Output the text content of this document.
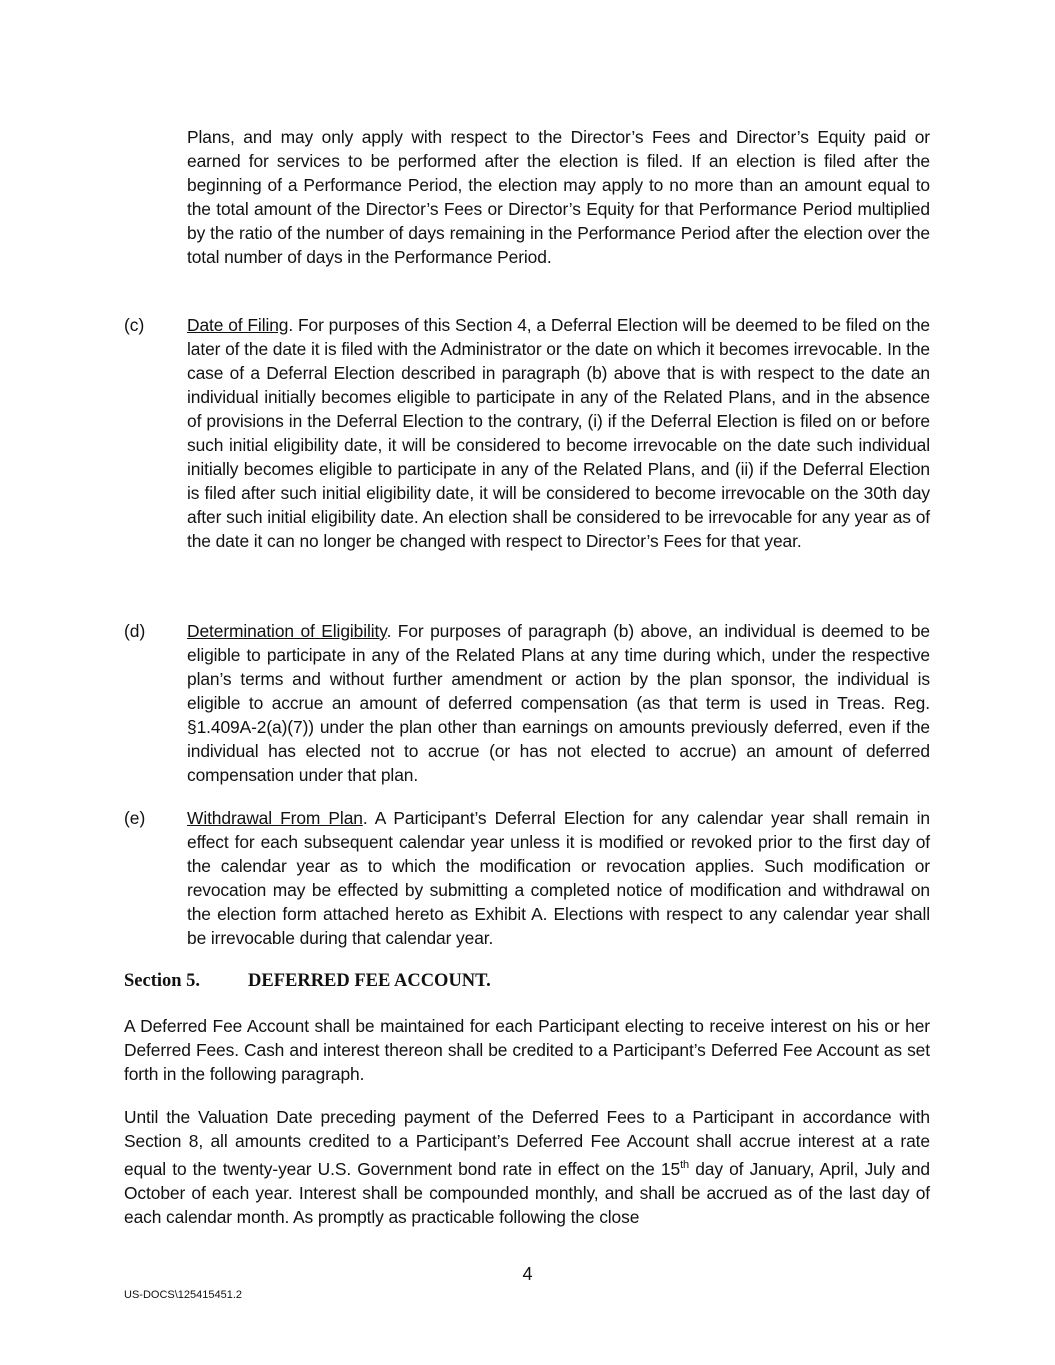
Plans, and may only apply with respect to the Director’s Fees and Director’s Equity paid or earned for services to be performed after the election is filed. If an election is filed after the beginning of a Performance Period, the election may apply to no more than an amount equal to the total amount of the Director’s Fees or Director’s Equity for that Performance Period multiplied by the ratio of the number of days remaining in the Performance Period after the election over the total number of days in the Performance Period.

(c) Date of Filing. For purposes of this Section 4, a Deferral Election will be deemed to be filed on the later of the date it is filed with the Administrator or the date on which it becomes irrevocable. In the case of a Deferral Election described in paragraph (b) above that is with respect to the date an individual initially becomes eligible to participate in any of the Related Plans, and in the absence of provisions in the Deferral Election to the contrary, (i) if the Deferral Election is filed on or before such initial eligibility date, it will be considered to become irrevocable on the date such individual initially becomes eligible to participate in any of the Related Plans, and (ii) if the Deferral Election is filed after such initial eligibility date, it will be considered to become irrevocable on the 30th day after such initial eligibility date. An election shall be considered to be irrevocable for any year as of the date it can no longer be changed with respect to Director’s Fees for that year.

(d) Determination of Eligibility. For purposes of paragraph (b) above, an individual is deemed to be eligible to participate in any of the Related Plans at any time during which, under the respective plan’s terms and without further amendment or action by the plan sponsor, the individual is eligible to accrue an amount of deferred compensation (as that term is used in Treas. Reg. §1.409A-2(a)(7)) under the plan other than earnings on amounts previously deferred, even if the individual has elected not to accrue (or has not elected to accrue) an amount of deferred compensation under that plan.

(e) Withdrawal From Plan. A Participant’s Deferral Election for any calendar year shall remain in effect for each subsequent calendar year unless it is modified or revoked prior to the first day of the calendar year as to which the modification or revocation applies. Such modification or revocation may be effected by submitting a completed notice of modification and withdrawal on the election form attached hereto as Exhibit A. Elections with respect to any calendar year shall be irrevocable during that calendar year.

Section 5.	DEFERRED FEE ACCOUNT.

A Deferred Fee Account shall be maintained for each Participant electing to receive interest on his or her Deferred Fees. Cash and interest thereon shall be credited to a Participant’s Deferred Fee Account as set forth in the following paragraph.

Until the Valuation Date preceding payment of the Deferred Fees to a Participant in accordance with Section 8, all amounts credited to a Participant’s Deferred Fee Account shall accrue interest at a rate equal to the twenty-year U.S. Government bond rate in effect on the 15th day of January, April, July and October of each year. Interest shall be compounded monthly, and shall be accrued as of the last day of each calendar month. As promptly as practicable following the close

4
US-DOCS\125415451.2
